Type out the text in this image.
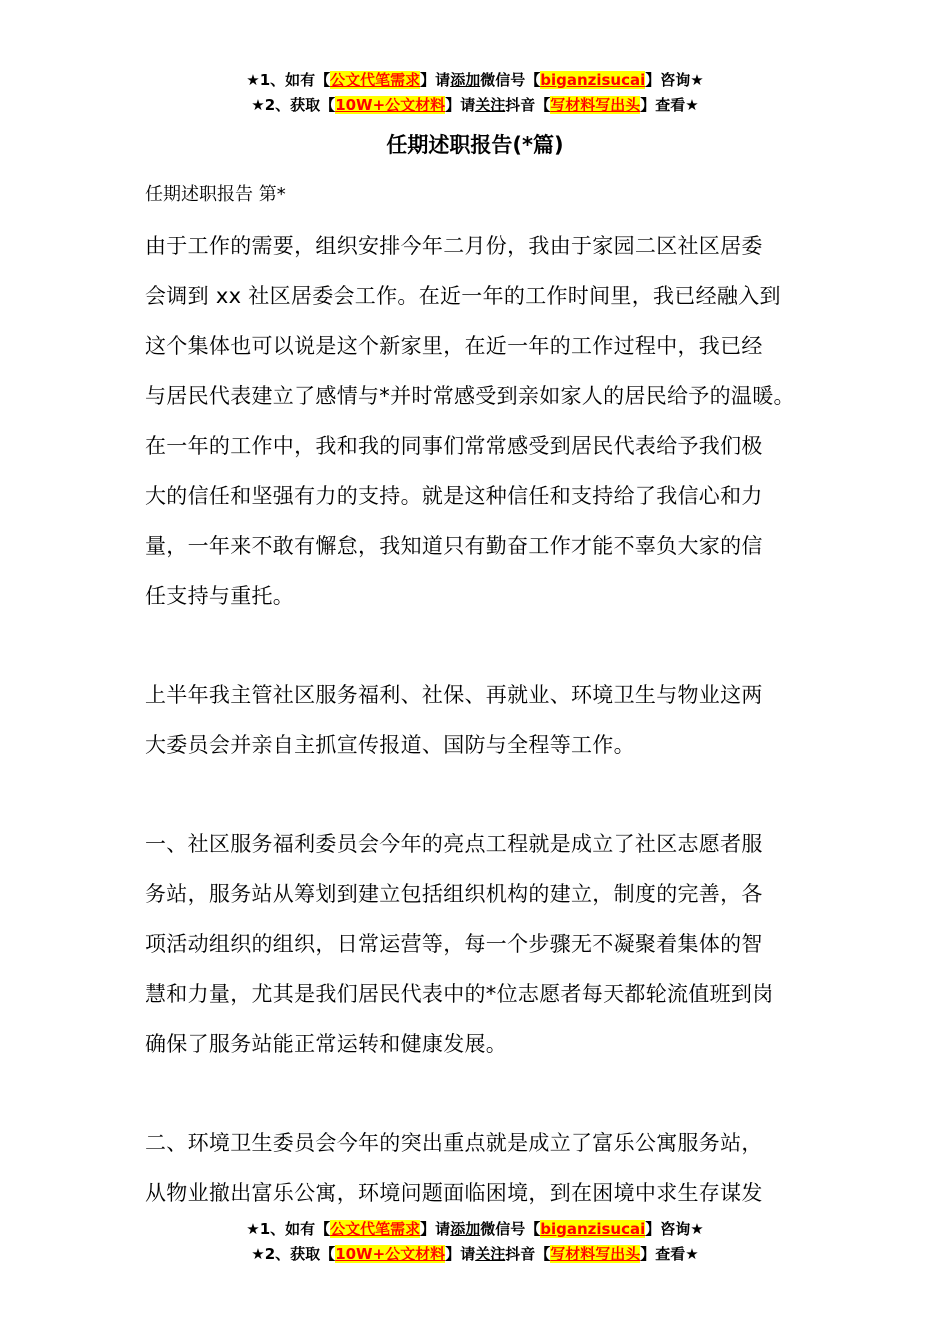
★1、如有【公文代笔需求】请添加微信号【biganzisucai】咨询★
★2、获取【10W+公文材料】请关注抖音【写材料写出头】查看★
任期述职报告(*篇)
任期述职报告 第*
由于工作的需要，组织安排今年二月份，我由于家园二区社区居委
会调到 xx 社区居委会工作。在近一年的工作时间里，我已经融入到
这个集体也可以说是这个新家里，在近一年的工作过程中，我已经
与居民代表建立了感情与*并时常感受到亲如家人的居民给予的温暖。
在一年的工作中，我和我的同事们常常感受到居民代表给予我们极
大的信任和坚强有力的支持。就是这种信任和支持给了我信心和力
量，一年来不敢有懈怠，我知道只有勤奋工作才能不辜负大家的信
任支持与重托。
上半年我主管社区服务福利、社保、再就业、环境卫生与物业这两
大委员会并亲自主抓宣传报道、国防与全程等工作。
一、社区服务福利委员会今年的亮点工程就是成立了社区志愿者服
务站，服务站从筹划到建立包括组织机构的建立，制度的完善，各
项活动组织的组织，日常运营等，每一个步骤无不凝聚着集体的智
慧和力量，尤其是我们居民代表中的*位志愿者每天都轮流值班到岗
确保了服务站能正常运转和健康发展。
二、环境卫生委员会今年的突出重点就是成立了富乐公寓服务站，
从物业撤出富乐公寓，环境问题面临困境，到在困境中求生存谋发
★1、如有【公文代笔需求】请添加微信号【biganzisucai】咨询★
★2、获取【10W+公文材料】请关注抖音【写材料写出头】查看★
